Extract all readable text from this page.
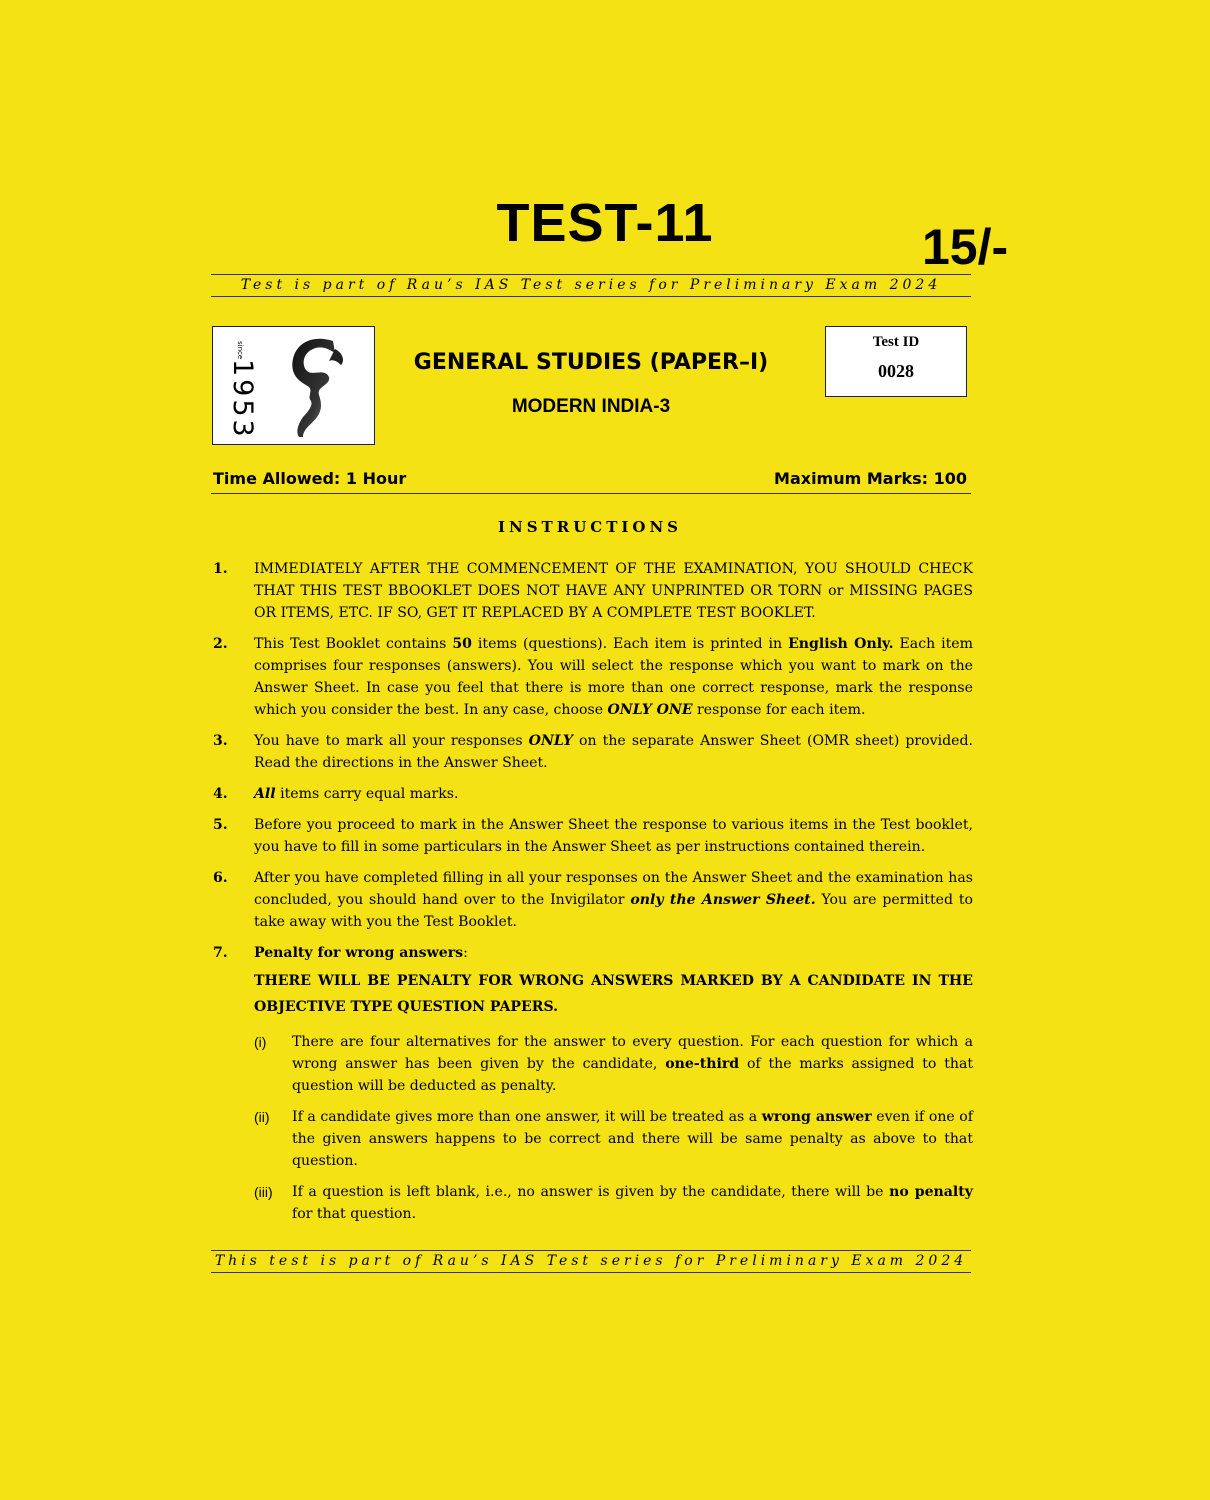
TEST-11	15/-
Test is part of Rau’s IAS Test series for Preliminary Exam 2024
since
1953	GENERAL STUDIES (PAPER–I)
MODERN INDIA-3
Test ID
0028
Time Allowed: 1 Hour	Maximum Marks: 100
INSTRUCTIONS
1.	IMMEDIATELY AFTER THE COMMENCEMENT OF THE EXAMINATION, YOU SHOULD CHECK THAT THIS TEST BBOOKLET DOES NOT HAVE ANY UNPRINTED OR TORN or MISSING PAGES OR ITEMS, ETC. IF SO, GET IT REPLACED BY A COMPLETE TEST BOOKLET.
2.	This Test Booklet contains 50 items (questions). Each item is printed in English Only. Each item comprises four responses (answers). You will select the response which you want to mark on the Answer Sheet. In case you feel that there is more than one correct response, mark the response which you consider the best. In any case, choose ONLY ONE response for each item.
3.	You have to mark all your responses ONLY on the separate Answer Sheet (OMR sheet) provided. Read the directions in the Answer Sheet.
4.	All items carry equal marks.
5.	Before you proceed to mark in the Answer Sheet the response to various items in the Test booklet, you have to fill in some particulars in the Answer Sheet as per instructions contained therein.
6.	After you have completed filling in all your responses on the Answer Sheet and the examination has concluded, you should hand over to the Invigilator only the Answer Sheet. You are permitted to take away with you the Test Booklet.
7.	Penalty for wrong answers:
THERE WILL BE PENALTY FOR WRONG ANSWERS MARKED BY A CANDIDATE IN THE OBJECTIVE TYPE QUESTION PAPERS.
(i)	There are four alternatives for the answer to every question. For each question for which a wrong answer has been given by the candidate, one-third of the marks assigned to that question will be deducted as penalty.
(ii)	If a candidate gives more than one answer, it will be treated as a wrong answer even if one of the given answers happens to be correct and there will be same penalty as above to that question.
(iii)	If a question is left blank, i.e., no answer is given by the candidate, there will be no penalty for that question.
This test is part of Rau’s IAS Test series for Preliminary Exam 2024
